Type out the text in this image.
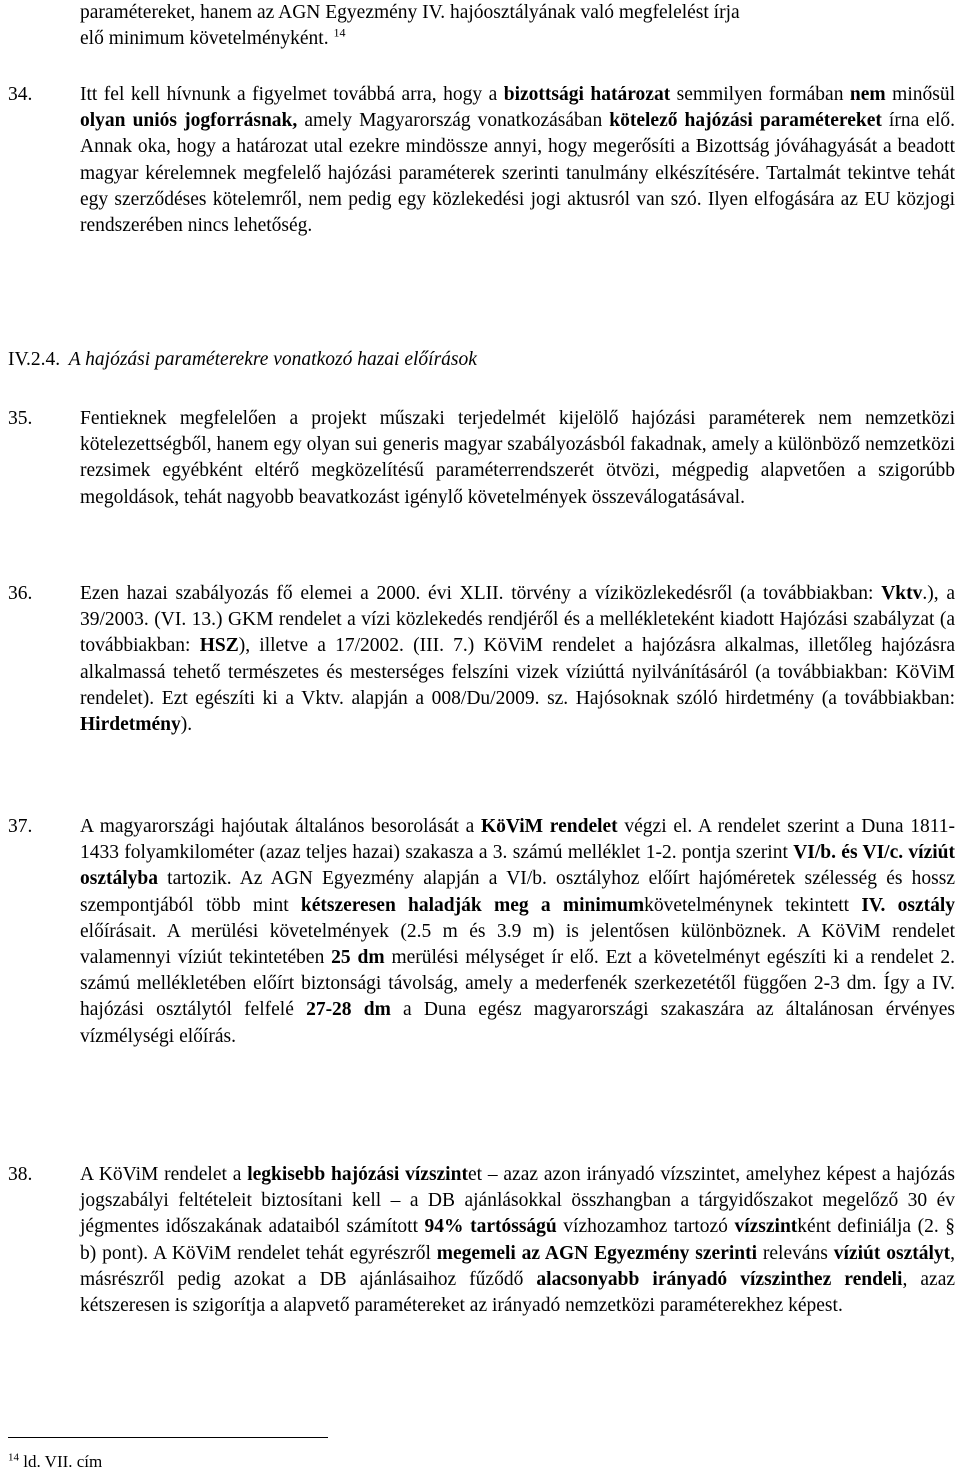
paramétereket, hanem az AGN Egyezmény IV. hajóosztályának való megfelelést írja
elő minimum követelményként. $^{14}$
34.	Itt fel kell hívnunk a figyelmet továbbá arra, hogy a bizottsági határozat semmilyen formában nem minősül olyan uniós jogforrásnak, amely Magyarország vonatkozásában kötelező hajózási paramétereket írna elő. Annak oka, hogy a határozat utal ezekre mindössze annyi, hogy megerősíti a Bizottság jóváhagyását a beadott magyar kérelemnek megfelelő hajózási paraméterek szerinti tanulmány elkészítésére. Tartalmát tekintve tehát egy szerződéses kötelemről, nem pedig egy közlekedési jogi aktusról van szó. Ilyen elfogására az EU közjogi rendszerében nincs lehetőség.
IV.2.4. A hajózási paraméterekre vonatkozó hazai előírások
35.	Fentieknek megfelelően a projekt műszaki terjedelmét kijelölő hajózási paraméterek nem nemzetközi kötelezettségből, hanem egy olyan sui generis magyar szabályozásból fakadnak, amely a különböző nemzetközi rezsimek egyébként eltérő megközelítésű paraméterrendszerét ötvözi, mégpedig alapvetően a szigorúbb megoldások, tehát nagyobb beavatkozást igénylő követelmények összeválogatásával.
36.	Ezen hazai szabályozás fő elemei a 2000. évi XLII. törvény a víziközlekedésről (a továbbiakban: Vktv.), a 39/2003. (VI. 13.) GKM rendelet a vízi közlekedés rendjéről és a mellékleteként kiadott Hajózási szabályzat (a továbbiakban: HSZ), illetve a 17/2002. (III. 7.) KöViM rendelet a hajózásra alkalmas, illetőleg hajózásra alkalmassá tehető természetes és mesterséges felszíni vizek víziúttá nyilvánításáról (a továbbiakban: KöViM rendelet). Ezt egészíti ki a Vktv. alapján a 008/Du/2009. sz. Hajósoknak szóló hirdetmény (a továbbiakban: Hirdetmény).
37.	A magyarországi hajóutak általános besorolását a KöViM rendelet végzi el. A rendelet szerint a Duna 1811-1433 folyamkilométer (azaz teljes hazai) szakasza a 3. számú melléklet 1-2. pontja szerint VI/b. és VI/c. víziút osztályba tartozik. Az AGN Egyezmény alapján a VI/b. osztályhoz előírt hajóméretek szélesség és hossz szempontjából több mint kétszeresen haladják meg a minimumkövetelménynek tekintett IV. osztály előírásait. A merülési követelmények (2.5 m és 3.9 m) is jelentősen különböznek. A KöViM rendelet valamennyi víziút tekintetében 25 dm merülési mélységet ír elő. Ezt a követelményt egészíti ki a rendelet 2. számú mellékletében előírt biztonsági távolság, amely a mederfenék szerkezetétől függően 2-3 dm. Így a IV. hajózási osztálytól felfelé 27-28 dm a Duna egész magyarországi szakaszára az általánosan érvényes vízmélységi előírás.
38.	A KöViM rendelet a legkisebb hajózási vízszintet – azaz azon irányadó vízszintet, amelyhez képest a hajózás jogszabályi feltételeit biztosítani kell – a DB ajánlásokkal összhangban a tárgyidőszakot megelőző 30 év jégmentes időszakának adataiból számított 94% tartósságú vízhozamhoz tartozó vízszintként definiálja (2. § b) pont). A KöViM rendelet tehát egyrészről megemeli az AGN Egyezmény szerinti releváns víziút osztályt, másrészről pedig azokat a DB ajánlásaihoz fűződő alacsonyabb irányadó vízszinthez rendeli, azaz kétszeresen is szigorítja a alapvető paramétereket az irányadó nemzetközi paraméterekhez képest.
$^{14}$ ld. VII. cím
